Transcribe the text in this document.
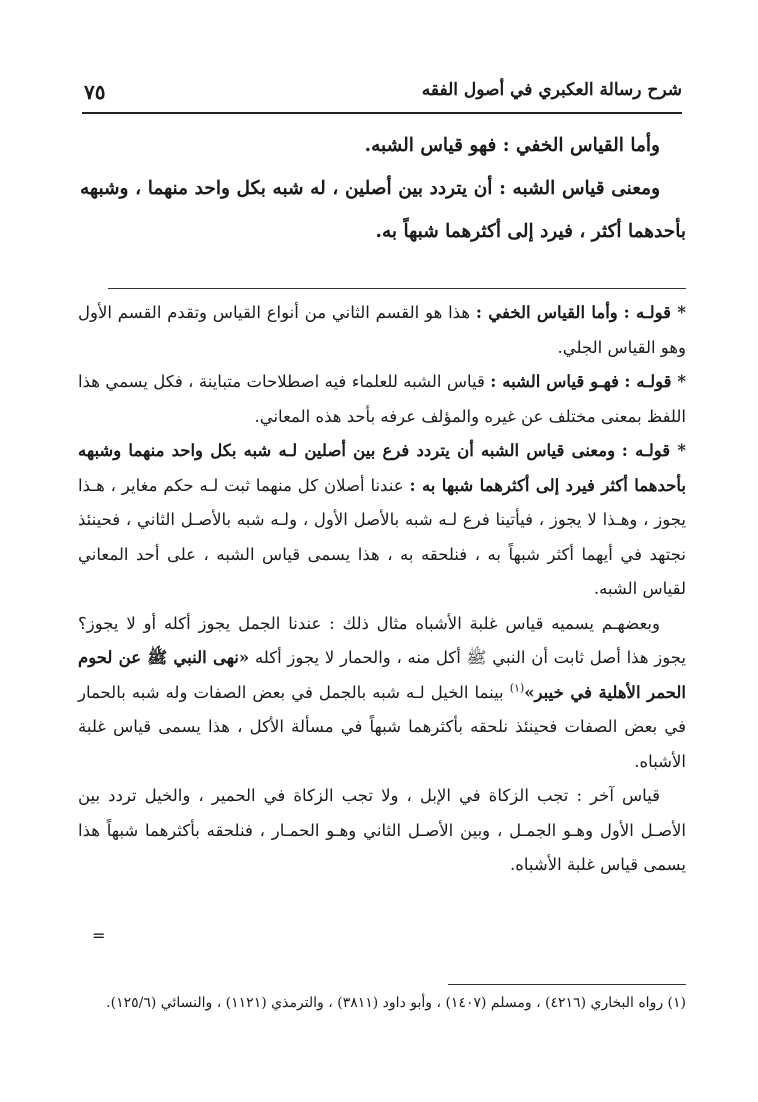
شرح رسالة العكبري في أصول الفقه
٧٥

وأما القياس الخفي : فهو قياس الشبه.

ومعنى قياس الشبه : أن يتردد بين أصلين ، له شبه بكل واحد منهما ، وشبهه بأحدهما أكثر ، فيرد إلى أكثرهما شبهاً به.

* قولـه : وأما القياس الخفي : هذا هو القسم الثاني من أنواع القياس وتقدم القسم الأول وهو القياس الجلي.

* قولـه : فهـو قياس الشبه : قياس الشبه للعلماء فيه اصطلاحات متباينة ، فكل يسمي هذا اللفظ بمعنى مختلف عن غيره والمؤلف عرفه بأحد هذه المعاني.

* قولـه : ومعنى قياس الشبه أن يتردد فرع بين أصلين لـه شبه بكل واحد منهما وشبهه بأحدهما أكثر فيرد إلى أكثرهما شبها به : عندنا أصلان كل منهما ثبت لـه حكم مغاير ، هـذا يجوز ، وهـذا لا يجوز ، فيأتينا فرع لـه شبه بالأصل الأول ، ولـه شبه بالأصـل الثاني ، فحينئذ نجتهد في أيهما أكثر شبهاً به ، فنلحقه به ، هذا يسمى قياس الشبه ، على أحد المعاني لقياس الشبه.

وبعضهـم يسميه قياس غلبة الأشباه مثال ذلك : عندنا الجمل يجوز أكله أو لا يجوز؟ يجوز هذا أصل ثابت أن النبي ﷺ أكل منه ، والحمار لا يجوز أكله «نهى النبي ﷺ عن لحوم الحمر الأهلية في خيبر»$^{(١)}$ بينما الخيل لـه شبه بالجمل في بعض الصفات وله شبه بالحمار في بعض الصفات فحينئذ نلحقه بأكثرهما شبهاً في مسألة الأكل ، هذا يسمى قياس غلبة الأشباه.

قياس آخر : تجب الزكاة في الإبل ، ولا تجب الزكاة في الحمير ، والخيل تردد بين الأصـل الأول وهـو الجمـل ، وبين الأصـل الثاني وهـو الحمـار ، فنلحقه بأكثرهما شبهاً هذا يسمى قياس غلبة الأشباه.

=

(١) رواه البخاري (٤٢١٦) ، ومسلم (١٤٠٧) ، وأبو داود (٣٨١١) ، والترمذي (١١٢١) ، والنسائي (١٢٥/٦).
